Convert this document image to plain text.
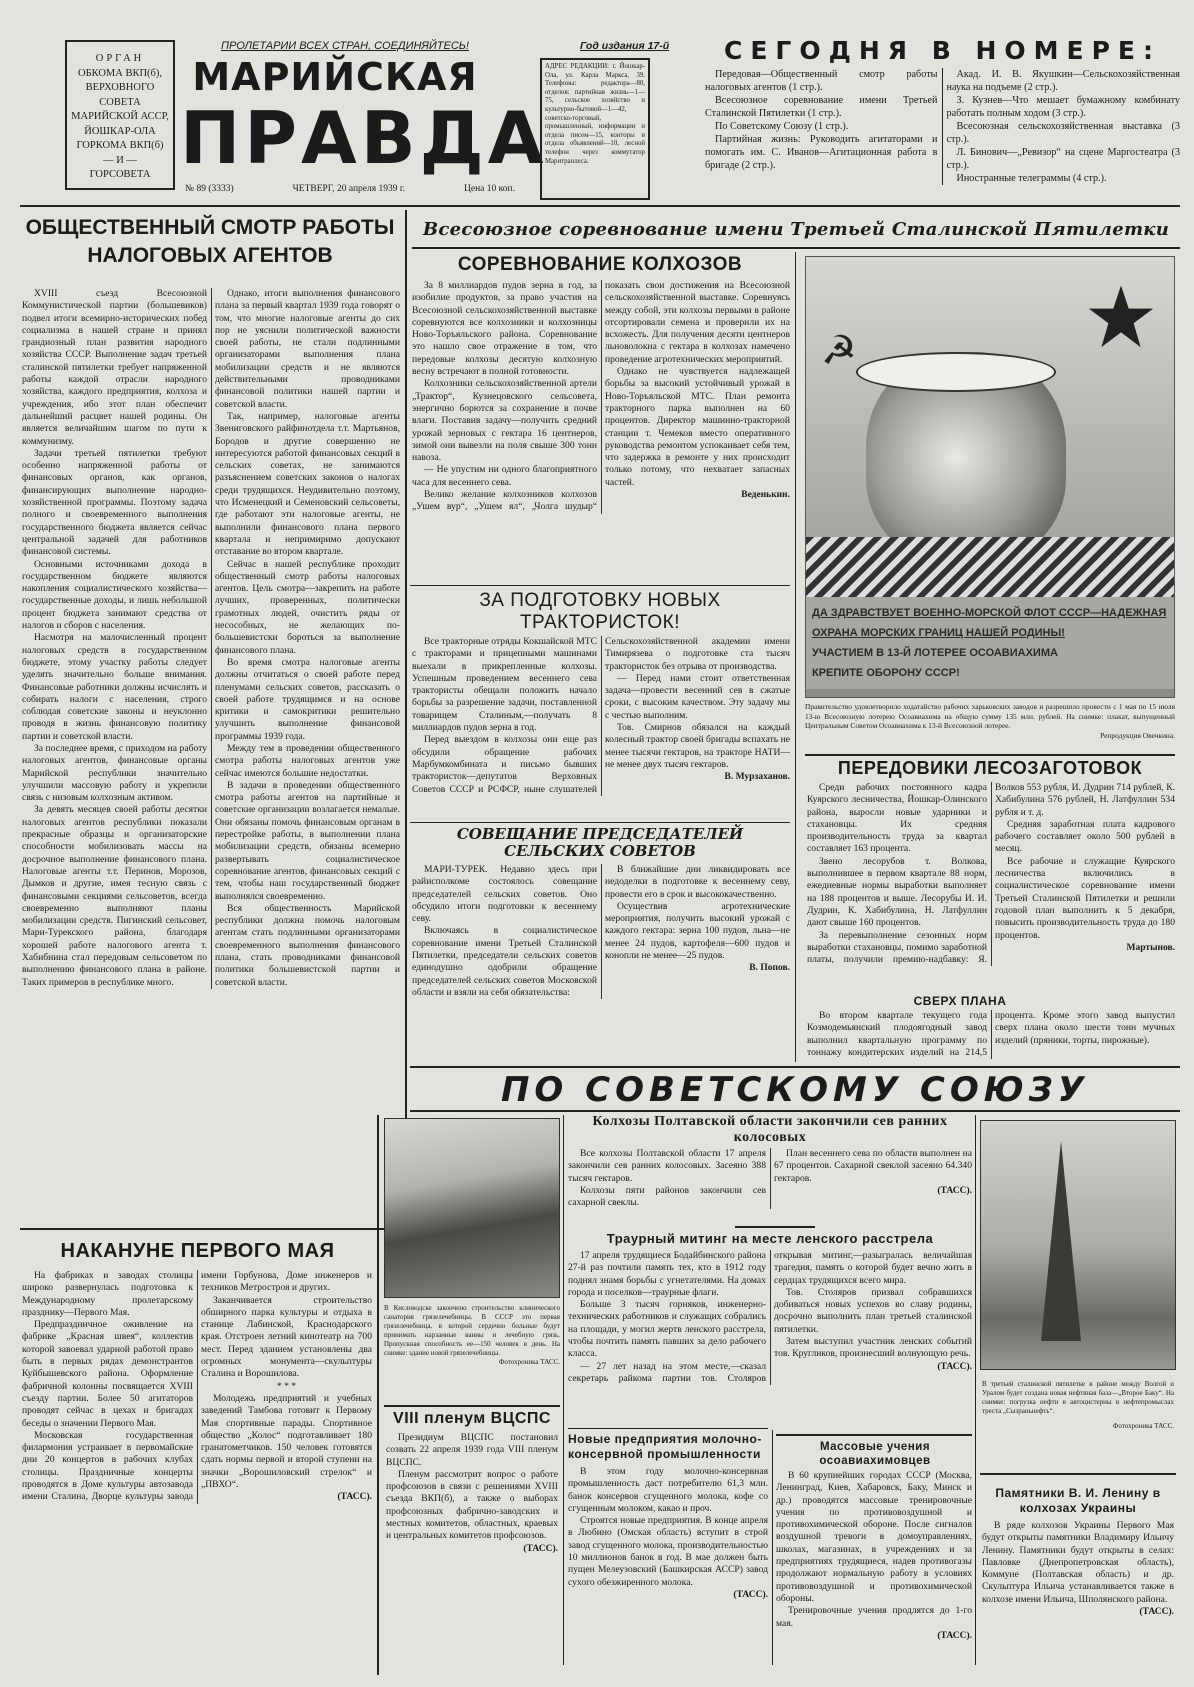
ОРГАН
ОБКОМА ВКП(б),
ВЕРХОВНОГО
СОВЕТА
МАРИЙСКОЙ АССР,
ЙОШКАР-ОЛА
ГОРКОМА ВКП(б)
— И —
ГОРСОВЕТА
ПРОЛЕТАРИИ ВСЕХ СТРАН, СОЕДИНЯЙТЕСЬ!
МАРИЙСКАЯ
ПРАВДА
№ 89 (3333)	ЧЕТВЕРГ, 20 апреля 1939 г.	Цена 10 коп.
Год издания 17-й
АДРЕС РЕДАКЦИИ: г. Йошкар-Ола, ул. Карла Маркса, 39. Телефоны: редактора—80, отделов: партийная жизнь—1—75, сельское хозяйство и культурно-бытовой—1—42, советско-торговый, промышленный, информации и отдела писем—15, конторы и отдела объявлений—10, лесной телефон через коммутатор Маритранлеса.
СЕГОДНЯ В НОМЕРЕ:

Передовая—Общественный смотр работы налоговых агентов (1 стр.).

Всесоюзное соревнование имени Третьей Сталинской Пятилетки (1 стр.).

По Советскому Союзу (1 стр.).

Партийная жизнь: Руководить агитаторами и помогать им. С. Иванов—Агитационная работа в бригаде (2 стр.).

Акад. И. В. Якушкин—Сельскохозяйственная наука на подъеме (2 стр.).

З. Кузнев—Что мешает бумажному комбинату работать полным ходом (3 стр.).

Всесоюзная сельскохозяйственная выставка (3 стр.).

Л. Бинович—„Ревизор“ на сцене Маргостеатра (3 стр.).

Иностранные телеграммы (4 стр.).

ОБЩЕСТВЕННЫЙ СМОТР РАБОТЫ НАЛОГОВЫХ АГЕНТОВ

XVIII съезд Всесоюзной Коммунистической партии (большевиков) подвел итоги всемирно-исторических побед социализма в нашей стране и принял грандиозный план развития народного хозяйства СССР. Выполнение задач третьей сталинской пятилетки требует напряженной работы каждой отрасли народного хозяйства, каждого предприятия, колхоза и учреждения, ибо этот план обеспечит дальнейший расцвет нашей родины. Он является величайшим шагом по пути к коммунизму.

Задачи третьей пятилетки требуют особенно напряженной работы от финансовых органов, как органов, финансирующих выполнение народно-хозяйственной программы. Поэтому задача полного и своевременного выполнения государственного бюджета является сейчас центральной задачей для работников финансовой системы.

Основными источниками дохода в государственном бюджете являются накопления социалистического хозяйства—государственные доходы, и лишь небольшой процент бюджета занимают средства от налогов и сборов с населения.

Насмотря на малочисленный процент налоговых средств в государственном бюджете, этому участку работы следует уделять значительно больше внимания. Финансовые работники должны исчислять и собирать налоги с населения, строго соблюдая советские законы и неуклонно проводя в жизнь финансовую политику партии и советской власти.

За последнее время, с приходом на работу налоговых агентов, финансовые органы Марийской республики значительно улучшили массовую работу и укрепили связь с низовым колхозным активом.

За девять месяцев своей работы десятки налоговых агентов республики показали прекрасные образцы и организаторские способности мобилизовать массы на досрочное выполнение финансового плана. Налоговые агенты т.т. Перинов, Морозов, Дымков и другие, имея тесную связь с финансовыми секциями сельсоветов, всегда своевременно выполняют планы мобилизации средств. Пигинский сельсовет, Мари-Турекского района, благодаря хорошей работе налогового агента т. Хабибнина стал передовым сельсоветом по выполнению финансового плана в районе. Таких примеров в республике много.

Однако, итоги выполнения финансового плана за первый квартал 1939 года говорят о том, что многие налоговые агенты до сих пор не уяснили политической важности своей работы, не стали подлинными организаторами выполнения плана мобилизации средств и не являются действительными проводниками финансовой политики нашей партии и советской власти.

Так, например, налоговые агенты Звениговского райфинотдела т.т. Мартьянов, Бородов и другие совершенно не интересуются работой финансовых секций в сельских советах, не занимаются разъяснением советских законов о налогах среди трудящихся. Неудивительно поэтому, что Исменецкий и Семеновский сельсоветы, где работают эти налоговые агенты, не выполнили финансового плана первого квартала и непримиримо допускают отставание во втором квартале.

Сейчас в нашей республике проходит общественный смотр работы налоговых агентов. Цель смотра—закрепить на работе лучших, проверенных, политически грамотных людей, очистить ряды от несособных, не желающих по-большевистски бороться за выполнение финансового плана.

Во время смотра налоговые агенты должны отчитаться о своей работе перед пленумами сельских советов, рассказать о своей работе трудящимся и на основе критики и самокритики решительно улучшить выполнение финансовой программы 1939 года.

Между тем в проведении общественного смотра работы налоговых агентов уже сейчас имеются большие недостатки.

В задачи в проведении общественного смотра работы агентов на партийные и советские организации возлагается немалые. Они обязаны помочь финансовым органам в перестройке работы, в выполнении плана мобилизации средств, обязаны всемерно развертывать социалистическое соревнование агентов, финансовых секций с тем, чтобы наш государственный бюджет выполнялся своевременно.

Вся общественность Марийской республики должна помочь налоговым агентам стать подлинными организаторами своевременного выполнения финансового плана, стать проводниками финансовой политики большевистской партии и советской власти.

НАКАНУНЕ ПЕРВОГО МАЯ

На фабриках и заводах столицы широко развернулась подготовка к Международному пролетарскому празднику—Первого Мая.

Предпраздничное оживление на фабрике „Красная швея“, коллектив которой завоевал ударной работой право быть в первых рядах демонстрантов Куйбышевского района. Оформление фабричной колонны посвящается XVIII съезду партии. Более 50 агитаторов проводят сейчас в цехах и бригадах беседы о значении Первого Мая.

Московская государственная филармония устраивает в первомайские дни 20 концертов в рабочих клубах столицы. Праздничные концерты проводятся в Доме культуры автозавода имени Сталина, Дворце культуры завода имени Горбунова, Доме инженеров и техников Метростроя и других.

Заканчивается строительство обширного парка культуры и отдыха в станице Лабинской, Краснодарского края. Отстроен летний кинотеатр на 700 мест. Перед зданием установлены два огромных монумента—скульптуры Сталина и Ворошилова.

* * *

Молодежь предприятий и учебных заведений Тамбова готовит к Первому Мая спортивные парады. Спортивное общество „Колос“ подготавливает 180 гранатометчиков. 150 человек готовятся сдать нормы первой и второй ступени на значки „Ворошиловский стрелок“ и „ПВХО“.

(ТАСС).

Всесоюзное соревнование имени Третьей Сталинской Пятилетки
СОРЕВНОВАНИЕ КОЛХОЗОВ

За 8 миллиардов пудов зерна в год, за изобилие продуктов, за право участия на Всесоюзной сельскохозяйственной выставке соревнуются все колхозники и колхозницы Ново-Торъяльского района. Соревнование это нашло свое отражение в том, что передовые колхозы десятую колхозную весну встречают в полной готовности.

Колхозники сельскохозяйственной артели „Трактор“, Кузнецовского сельсовета, энергично борются за сохранение в почве влаги. Поставив задачу—получить средний урожай зерновых с гектара 16 центнеров, зимой они вывезли на поля свыше 300 тонн навоза.

— Не упустим ни одного благоприятного часа для весеннего сева.

Велико желание колхозников колхозов „Ушем вур“, „Ушем ял“, „Чолга шудыр“ показать свои достижения на Всесоюзной сельскохозяйственной выставке. Соревнуясь между собой, эти колхозы первыми в районе отсортировали семена и проверили их на всхожесть. Для получения десяти центнеров льноволокна с гектара в колхозах намечено проведение агротехнических мероприятий.

Однако не чувствуется надлежащей борьбы за высокий устойчивый урожай в Ново-Торъяльской МТС. План ремонта тракторного парка выполнен на 60 процентов. Директор машинно-тракторной станции т. Чемеков вместо оперативного руководства ремонтом успокаивает себя тем, что задержка в ремонте у них происходит только потому, что нехватает запасных частей.

Веденькин.

ЗА ПОДГОТОВКУ НОВЫХ ТРАКТОРИСТОК!

Все тракторные отряды Кокшайской МТС с тракторами и прицепными машинами выехали в прикрепленные колхозы. Успешным проведением весеннего сева трактористы обещали положить начало борьбы за разрешение задачи, поставленной товарищем Сталиным,—получать 8 миллиардов пудов зерна в год.

Перед выездом в колхозы они еще раз обсудили обращение рабочих Марбумкомбината и письмо бывших трактористок—депутатов Верховных Советов СССР и РСФСР, ныне слушателей Сельскохозяйственной академии имени Тимирязева о подготовке ста тысяч трактористок без отрыва от производства.

— Перед нами стоит ответственная задача—провести весенний сев в сжатые сроки, с высоким качеством. Эту задачу мы с честью выполним.

Тов. Смирнов обязался на каждый колесный трактор своей бригады вспахать не менее тысячи гектаров, на тракторе НАТИ—не менее двух тысяч гектаров.

В. Мурзаханов.

СОВЕЩАНИЕ ПРЕДСЕДАТЕЛЕЙ СЕЛЬСКИХ СОВЕТОВ

МАРИ-ТУРЕК. Недавно здесь при райисполкоме состоялось совещание председателей сельских советов. Оно обсудило итоги подготовки к весеннему севу.

Включаясь в социалистическое соревнование имени Третьей Сталинской Пятилетки, председатели сельских советов единодушно одобрили обращение председателей сельских советов Московской области и взяли на себя обязательства:

В ближайшие дни ликвидировать все недоделки в подготовке к весеннему севу, провести его в срок и высококачественно.

Осуществив агротехнические мероприятия, получить высокий урожай с каждого гектара: зерна 100 пудов, льна—не менее 24 пудов, картофеля—600 пудов и конопли не менее—25 пудов.

В. Попов.

☭
ДА ЗДРАВСТВУЕТ ВОЕННО-МОРСКОЙ ФЛОТ СССР—НАДЕЖНАЯ
ОХРАНА МОРСКИХ ГРАНИЦ НАШЕЙ РОДИНЫ!
УЧАСТИЕМ В 13-Й ЛОТЕРЕЕ ОСОАВИАХИМА
КРЕПИТЕ ОБОРОНУ СССР!
Правительство удовлетворило ходатайство рабочих харьковских заводов и разрешило провести с 1 мая по 15 июля 13-ю Всесоюзную лотерею Осоавиахима на общую сумму 135 млн. рублей. На снимке: плакат, выпущенный Центральным Советом Осоавиахима к 13-й Всесоюзной лотерее.
Репродукция Овечкина.
ПЕРЕДОВИКИ ЛЕСОЗАГОТОВОК

Среди рабочих постоянного кадра Куярского лесничества, Йошкар-Олинского района, выросли новые ударники и стахановцы. Их средняя производительность труда за квартал составляет 163 процента.

Звено лесорубов т. Волкова, выполнившее в первом квартале 88 норм, ежедневные нормы выработки выполняет на 188 процентов и выше. Лесорубы И. И. Дудрин, К. Хабибулина, Н. Латфуллин дают свыше 160 процентов.

За перевыполнение сезонных норм выработки стахановцы, помимо заработной платы, получили премию-надбавку: Я. Волков 553 рубля, И. Дудрин 714 рублей, К. Хабибулина 576 рублей, Н. Латфуллин 534 рубля и т. д.

Средняя заработная плата кадрового рабочего составляет около 500 рублей в месяц.

Все рабочие и служащие Куярского лесничества включились в социалистическое соревнование имени Третьей Сталинской Пятилетки и решили годовой план выполнить к 5 декабря, повысить производительность труда до 180 процентов.

Мартынов.

СВЕРХ ПЛАНА

Во втором квартале текущего года Козмодемьянский плодоягодный завод выполнил квартальную программу по тоннажу кондитерских изделий на 214,5 процента. Кроме этого завод выпустил сверх плана около шести тонн мучных изделий (пряники, торты, пирожные).

ПО СОВЕТСКОМУ СОЮЗУ
В Кисловодске закончено строительство клинического санатория грязелечебницы. В СССР это первая грязелечебница, в которой сердечно больные будут принимать нарзанные ванны и лечебную грязь. Пропускная способность ее—150 человек в день. На снимке: здание новой грязелечебницы.
Фотохроника ТАСС.
VIII пленум ВЦСПС

Президиум ВЦСПС постановил созвать 22 апреля 1939 года VIII пленум ВЦСПС.

Пленум рассмотрит вопрос о работе профсоюзов в связи с решениями XVIII съезда ВКП(б), а также о выборах профсоюзных фабрично-заводских и местных комитетов, областных, краевых и центральных комитетов профсоюзов.

(ТАСС).

Колхозы Полтавской области закончили сев ранних колосовых

Все колхозы Полтавской области 17 апреля закончили сев ранних колосовых. Засеяно 388 тысяч гектаров.

Колхозы пяти районов закончили сев сахарной свеклы.

План весеннего сева по области выполнен на 67 процентов. Сахарной свеклой засеяно 64.340 гектаров.

(ТАСС).

Траурный митинг на месте ленского расстрела

17 апреля трудящиеся Бодайбинского района 27-й раз почтили память тех, кто в 1912 году поднял знамя борьбы с угнетателями. На домах города и поселков—траурные флаги.

Больше 3 тысяч горняков, инженерно-технических работников и служащих собрались на площади, у могил жертв ленского расстрела, чтобы почтить память павших за дело рабочего класса.

— 27 лет назад на этом месте,—сказал секретарь райкома партии тов. Столяров открывая митинг,—разыгралась величайшая трагедия, память о которой будет вечно жить в сердцах трудящихся всего мира.

Тов. Столяров призвал собравшихся добиваться новых успехов во славу родины, досрочно выполнить план третьей сталинской пятилетки.

Затем выступил участник ленских событий тов. Кругликов, произнесший волнующую речь.

(ТАСС).

Новые предприятия молочно-консервной промышленности

В этом году молочно-консервная промышленность даст потребителю 61,3 млн. банок консервов сгущенного молока, кофе со сгущенным молоком, какао и проч.

Строятся новые предприятия. В конце апреля в Любино (Омская область) вступит в строй завод сгущенного молока, производительностью 10 миллионов банок в год. В мае должен быть пущен Мелеузовский (Башкирская АССР) завод сухого обезжиренного молока.

(ТАСС).

Массовые учения осоавиахимовцев

В 60 крупнейших городах СССР (Москва, Ленинград, Киев, Хабаровск, Баку, Минск и др.) проводятся массовые тренировочные учения по противовоздушной и противохимической обороне. После сигналов воздушной тревоги в домоуправлениях, школах, магазинах, в учреждениях и за предприятиях трудящиеся, надев противогазы продолжают нормальную работу в условиях противовоздушной и противохимической обороны.

Тренировочные учения продлятся до 1-го мая.

(ТАСС).

В третьей сталинской пятилетке в районе между Волгой и Уралом будет создана новая нефтяная база—„Второе Баку“. На снимке: погрузка нефти в автоцистерны в нефтепромыслах треста „Сызраньнефть“.
Фотохроника ТАСС.
Памятники В. И. Ленину в колхозах Украины

В ряде колхозов Украины Первого Мая будут открыты памятники Владимиру Ильичу Ленину. Памятники будут открыты в селах: Павловке (Днепропетровская область), Коммуне (Полтавская область) и др. Скульптура Ильича устанавливается также в колхозе имени Ильича, Шполянского района.

(ТАСС).
